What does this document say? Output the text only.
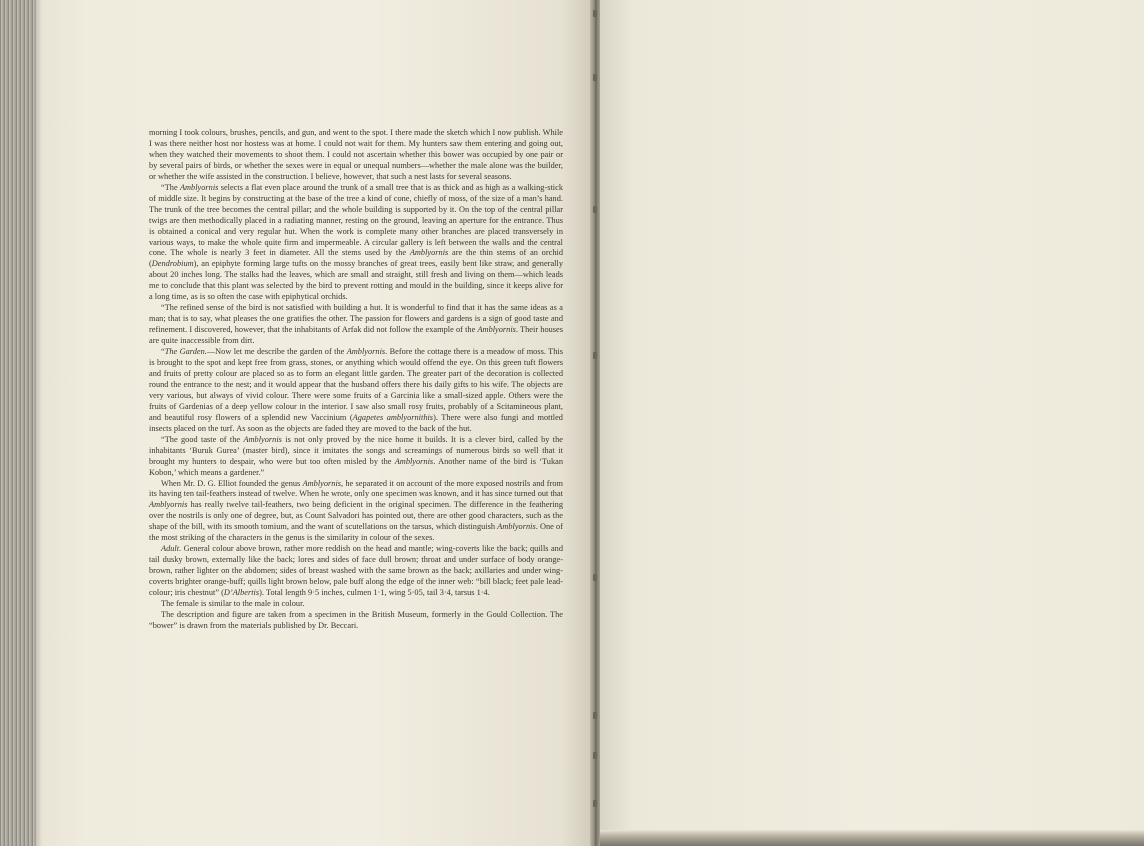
morning I took colours, brushes, pencils, and gun, and went to the spot. I there made the sketch which I now publish. While I was there neither host nor hostess was at home. I could not wait for them. My hunters saw them entering and going out, when they watched their movements to shoot them. I could not ascertain whether this bower was occupied by one pair or by several pairs of birds, or whether the sexes were in equal or unequal numbers—whether the male alone was the builder, or whether the wife assisted in the construction. I believe, however, that such a nest lasts for several seasons.

“The Amblyornis selects a flat even place around the trunk of a small tree that is as thick and as high as a walking-stick of middle size. It begins by constructing at the base of the tree a kind of cone, chiefly of moss, of the size of a man’s hand. The trunk of the tree becomes the central pillar; and the whole building is supported by it. On the top of the central pillar twigs are then methodically placed in a radiating manner, resting on the ground, leaving an aperture for the entrance. Thus is obtained a conical and very regular hut. When the work is complete many other branches are placed transversely in various ways, to make the whole quite firm and impermeable. A circular gallery is left between the walls and the central cone. The whole is nearly 3 feet in diameter. All the stems used by the Amblyornis are the thin stems of an orchid (Dendrobium), an epiphyte forming large tufts on the mossy branches of great trees, easily bent like straw, and generally about 20 inches long. The stalks had the leaves, which are small and straight, still fresh and living on them—which leads me to conclude that this plant was selected by the bird to prevent rotting and mould in the building, since it keeps alive for a long time, as is so often the case with epiphytical orchids.

“The refined sense of the bird is not satisfied with building a hut. It is wonderful to find that it has the same ideas as a man; that is to say, what pleases the one gratifies the other. The passion for flowers and gardens is a sign of good taste and refinement. I discovered, however, that the inhabitants of Arfak did not follow the example of the Amblyornis. Their houses are quite inaccessible from dirt.

“The Garden.—Now let me describe the garden of the Amblyornis. Before the cottage there is a meadow of moss. This is brought to the spot and kept free from grass, stones, or anything which would offend the eye. On this green tuft flowers and fruits of pretty colour are placed so as to form an elegant little garden. The greater part of the decoration is collected round the entrance to the nest; and it would appear that the husband offers there his daily gifts to his wife. The objects are very various, but always of vivid colour. There were some fruits of a Garcinia like a small-sized apple. Others were the fruits of Gardenias of a deep yellow colour in the interior. I saw also small rosy fruits, probably of a Scitamineous plant, and beautiful rosy flowers of a splendid new Vaccinium (Agapetes amblyornithis). There were also fungi and mottled insects placed on the turf. As soon as the objects are faded they are moved to the back of the hut.

“The good taste of the Amblyornis is not only proved by the nice home it builds. It is a clever bird, called by the inhabitants ‘Buruk Gurea’ (master bird), since it imitates the songs and screamings of numerous birds so well that it brought my hunters to despair, who were but too often misled by the Amblyornis. Another name of the bird is ‘Tukan Kobon,’ which means a gardener.”

When Mr. D. G. Elliot founded the genus Amblyornis, he separated it on account of the more exposed nostrils and from its having ten tail-feathers instead of twelve. When he wrote, only one specimen was known, and it has since turned out that Amblyornis has really twelve tail-feathers, two being deficient in the original specimen. The difference in the feathering over the nostrils is only one of degree, but, as Count Salvadori has pointed out, there are other good characters, such as the shape of the bill, with its smooth tomium, and the want of scutellations on the tarsus, which distinguish Amblyornis. One of the most striking of the characters in the genus is the similarity in colour of the sexes.

Adult. General colour above brown, rather more reddish on the head and mantle; wing-coverts like the back; quills and tail dusky brown, externally like the back; lores and sides of face dull brown; throat and under surface of body orange-brown, rather lighter on the abdomen; sides of breast washed with the same brown as the back; axillaries and under wing-coverts brighter orange-buff; quills light brown below, pale buff along the edge of the inner web: “bill black; feet pale lead-colour; iris chestnut” (D’Albertis). Total length 9·5 inches, culmen 1·1, wing 5·05, tail 3·4, tarsus 1·4.

The female is similar to the male in colour.

The description and figure are taken from a specimen in the British Museum, formerly in the Gould Collection. The “bower” is drawn from the materials published by Dr. Beccari.
